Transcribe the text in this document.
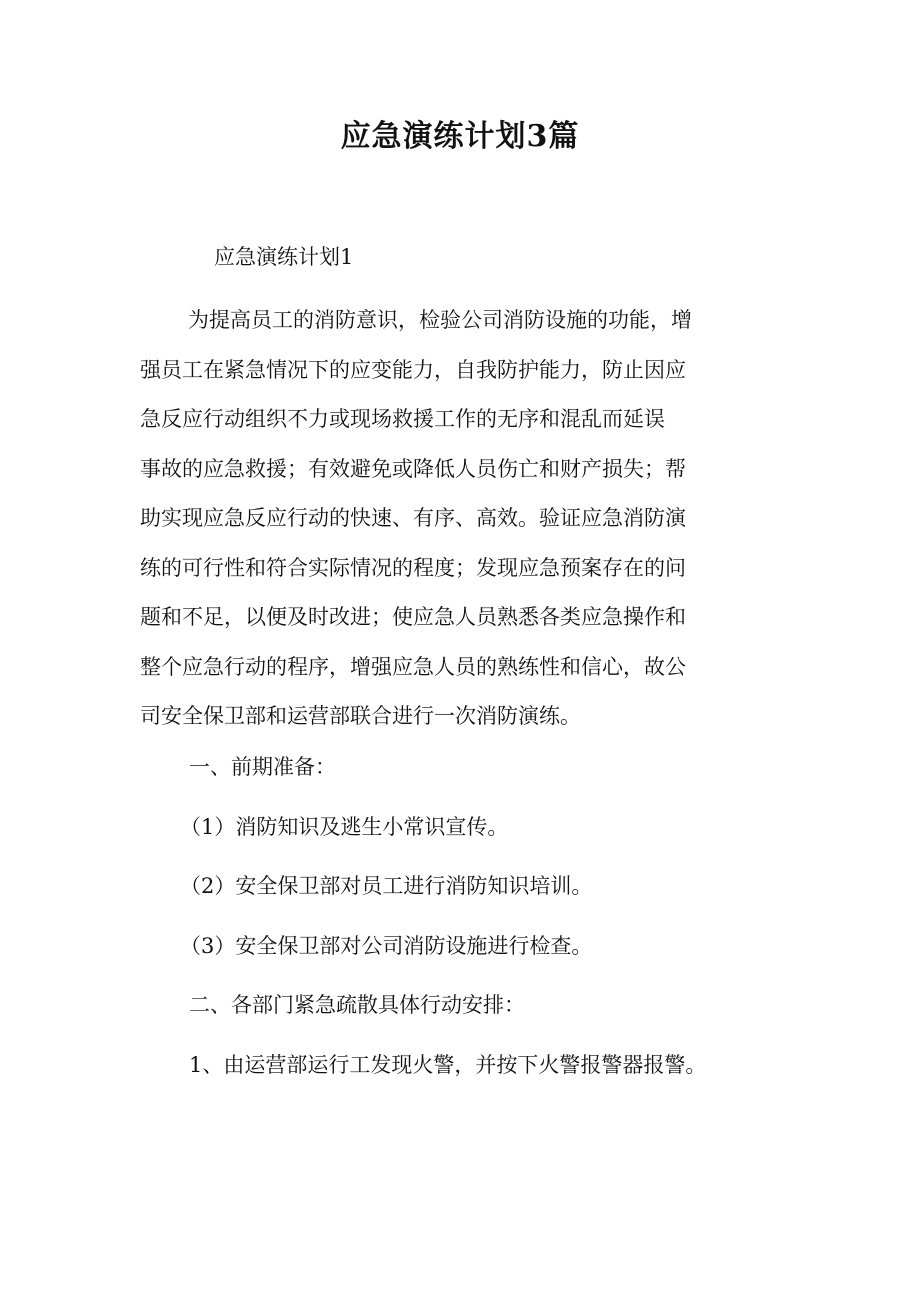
应急演练计划3篇

应急演练计划1

为提高员工的消防意识，检验公司消防设施的功能，增
强员工在紧急情况下的应变能力，自我防护能力，防止因应
急反应行动组织不力或现场救援工作的无序和混乱而延误
事故的应急救援；有效避免或降低人员伤亡和财产损失；帮
助实现应急反应行动的快速、有序、高效。验证应急消防演
练的可行性和符合实际情况的程度；发现应急预案存在的问
题和不足，以便及时改进；使应急人员熟悉各类应急操作和
整个应急行动的程序，增强应急人员的熟练性和信心，故公
司安全保卫部和运营部联合进行一次消防演练。

一、前期准备：

（1）消防知识及逃生小常识宣传。

（2）安全保卫部对员工进行消防知识培训。

（3）安全保卫部对公司消防设施进行检查。

二、各部门紧急疏散具体行动安排：

1、由运营部运行工发现火警，并按下火警报警器报警。
